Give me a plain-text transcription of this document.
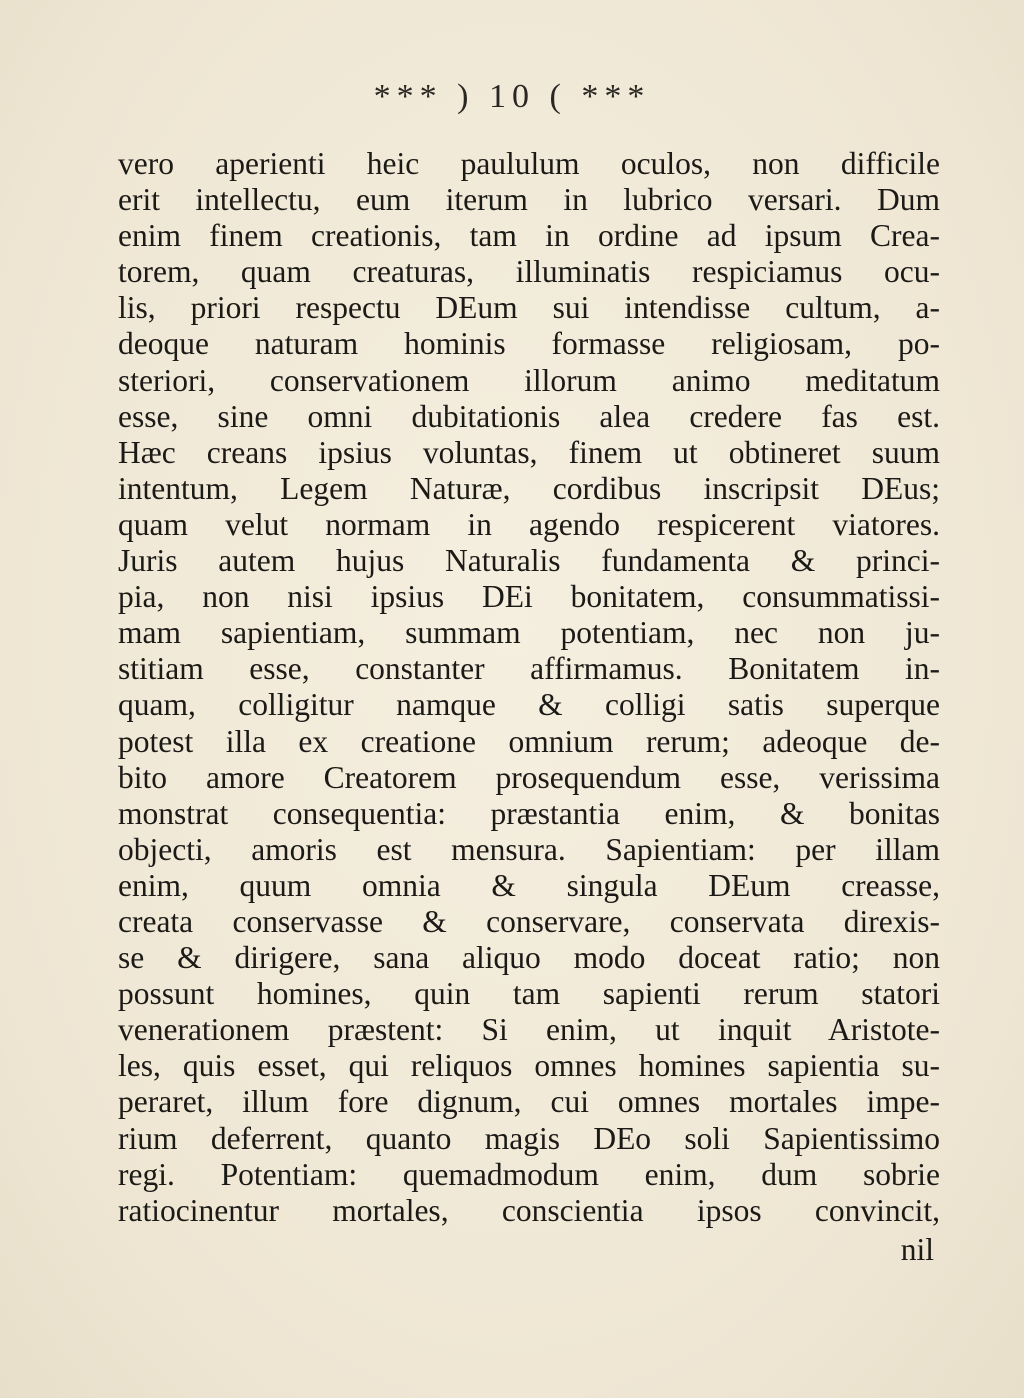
*** ) 10 ( ***
vero aperienti heic paululum oculos, non difficile
erit intellectu, eum iterum in lubrico versari. Dum
enim finem creationis, tam in ordine ad ipsum Crea-
torem, quam creaturas, illuminatis respiciamus ocu-
lis, priori respectu DEum sui intendisse cultum, a-
deoque naturam hominis formasse religiosam, po-
steriori, conservationem illorum animo meditatum
esse, sine omni dubitationis alea credere fas est.
Hæc creans ipsius voluntas, finem ut obtineret suum
intentum, Legem Naturæ, cordibus inscripsit DEus;
quam velut normam in agendo respicerent viatores.
Juris autem hujus Naturalis fundamenta & princi-
pia, non nisi ipsius DEi bonitatem, consummatissi-
mam sapientiam, summam potentiam, nec non ju-
stitiam esse, constanter affirmamus. Bonitatem in-
quam, colligitur namque & colligi satis superque
potest illa ex creatione omnium rerum; adeoque de-
bito amore Creatorem prosequendum esse, verissima
monstrat consequentia: præstantia enim, & bonitas
objecti, amoris est mensura. Sapientiam: per illam
enim, quum omnia & singula DEum creasse,
creata conservasse & conservare, conservata direxis-
se & dirigere, sana aliquo modo doceat ratio; non
possunt homines, quin tam sapienti rerum statori
venerationem præstent: Si enim, ut inquit Aristote-
les, quis esset, qui reliquos omnes homines sapientia su-
peraret, illum fore dignum, cui omnes mortales impe-
rium deferrent, quanto magis DEo soli Sapientissimo
regi. Potentiam: quemadmodum enim, dum sobrie
ratiocinentur mortales, conscientia ipsos convincit,
nil
